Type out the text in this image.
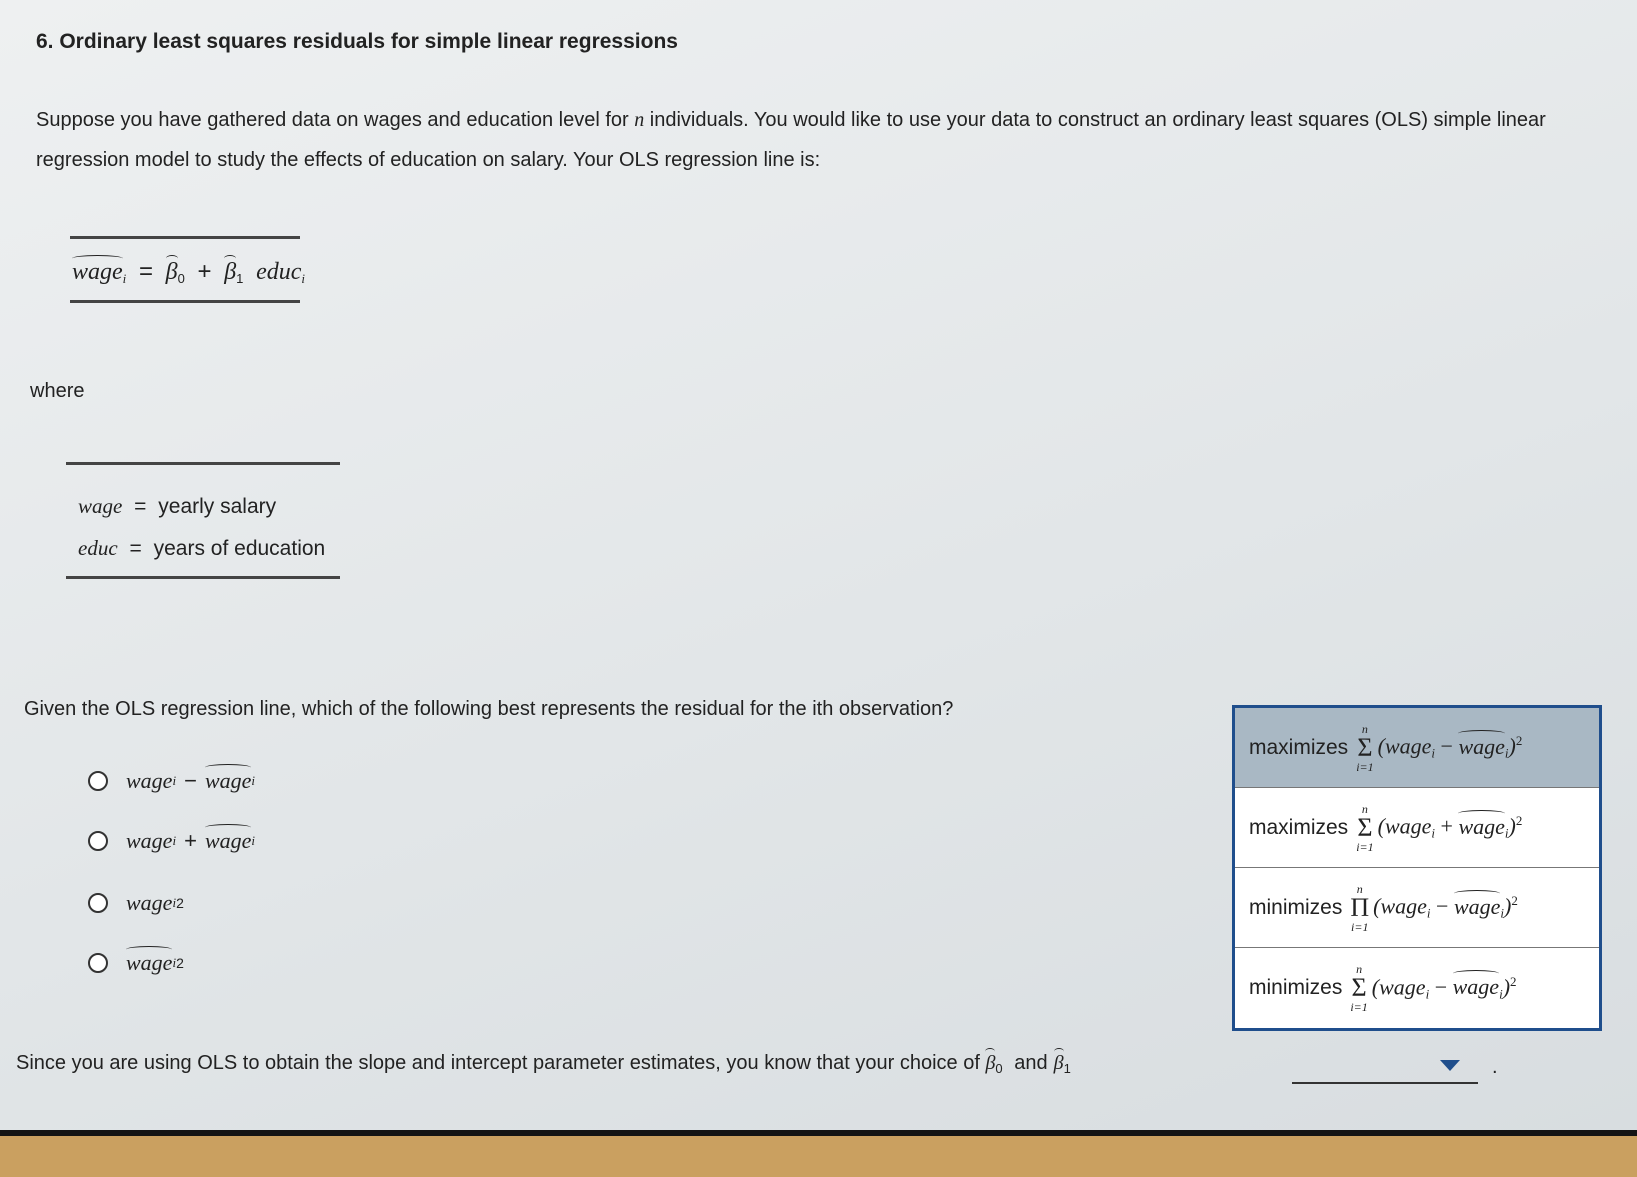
6. Ordinary least squares residuals for simple linear regressions
Suppose you have gathered data on wages and education level for n individuals. You would like to use your data to construct an ordinary least squares (OLS) simple linear regression model to study the effects of education on salary. Your OLS regression line is:
wage$_i$ = $\beta_0 + \beta_1$ educ$_i$
where
wage = yearly salary
educ = years of education
Given the OLS regression line, which of the following best represents the residual for the ith observation?
wage i − wage i
wage i + wage i
wage i 2
wage i 2
Since you are using OLS to obtain the slope and intercept parameter estimates, you know that your choice of $\beta_0$ and $\beta_1$	.
maximizes
n
Σ
i=1
(wage$_i$ − wage$_i$)$^2$
maximizes
n
Σ
i=1
(wage$_i$ + wage$_i$)$^2$
minimizes
n
Π
i=1
(wage$_i$ − wage$_i$)$^2$
minimizes
n
Σ
i=1
(wage$_i$ − wage$_i$)$^2$
